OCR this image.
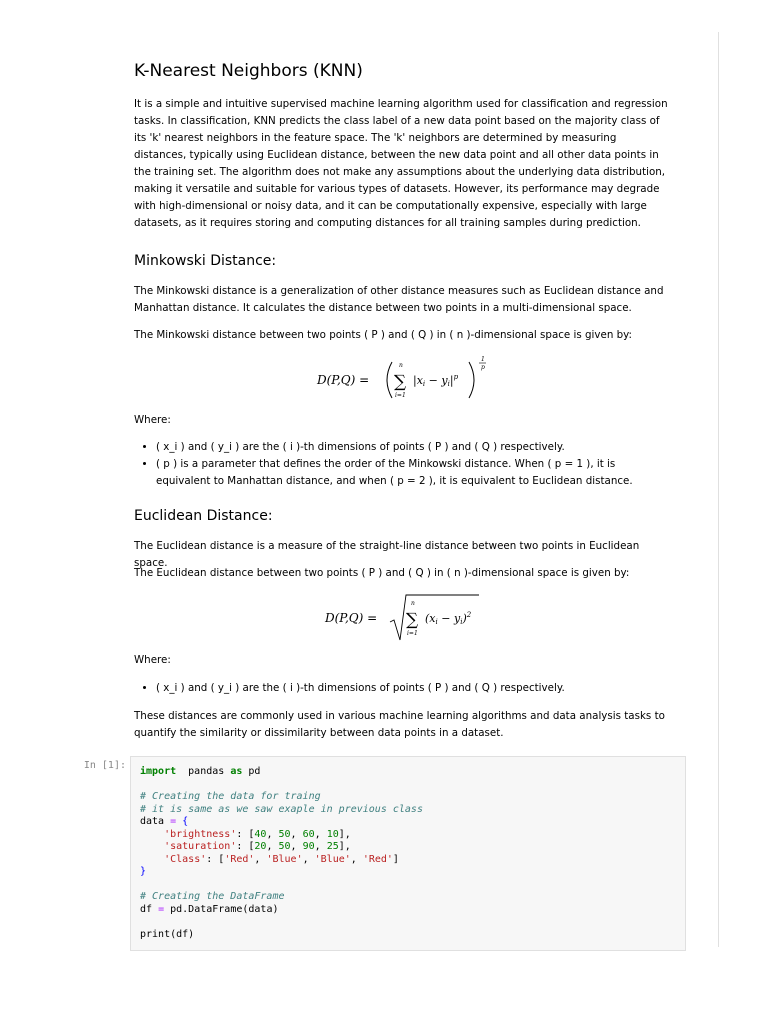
K-Nearest Neighbors (KNN)

It is a simple and intuitive supervised machine learning algorithm used for classification and regression tasks. In classification, KNN predicts the class label of a new data point based on the majority class of its 'k' nearest neighbors in the feature space. The 'k' neighbors are determined by measuring distances, typically using Euclidean distance, between the new data point and all other data points in the training set. The algorithm does not make any assumptions about the underlying data distribution, making it versatile and suitable for various types of datasets. However, its performance may degrade with high-dimensional or noisy data, and it can be computationally expensive, especially with large datasets, as it requires storing and computing distances for all training samples during prediction.

Minkowski Distance:

The Minkowski distance is a generalization of other distance measures such as Euclidean distance and Manhattan distance. It calculates the distance between two points in a multi-dimensional space.

The Minkowski distance between two points ( P ) and ( Q ) in ( n )-dimensional space is given by:

D(P,Q) =
n
∑
i=1
$|xi - yi|^p$
1
p

Where:

• ( x_i ) and ( y_i ) are the ( i )-th dimensions of points ( P ) and ( Q ) respectively.
• ( p ) is a parameter that defines the order of the Minkowski distance. When ( p = 1 ), it is equivalent to Manhattan distance, and when ( p = 2 ), it is equivalent to Euclidean distance.
Euclidean Distance:

The Euclidean distance is a measure of the straight-line distance between two points in Euclidean space.

The Euclidean distance between two points ( P ) and ( Q ) in ( n )-dimensional space is given by:

D(P,Q) =
n
∑
i=1
(xi − yi)$^2$

Where:

• ( x_i ) and ( y_i ) are the ( i )-th dimensions of points ( P ) and ( Q ) respectively.

These distances are commonly used in various machine learning algorithms and data analysis tasks to quantify the similarity or dissimilarity between data points in a dataset.

In [1]:
import  pandas as pd

# Creating the data for traing
# it is same as we saw exaple in previous class
data = {
'brightness': [40, 50, 60, 10],
'saturation': [20, 50, 90, 25],
'Class': ['Red', 'Blue', 'Blue', 'Red']
}

# Creating the DataFrame
df = pd.DataFrame(data)

print(df)
